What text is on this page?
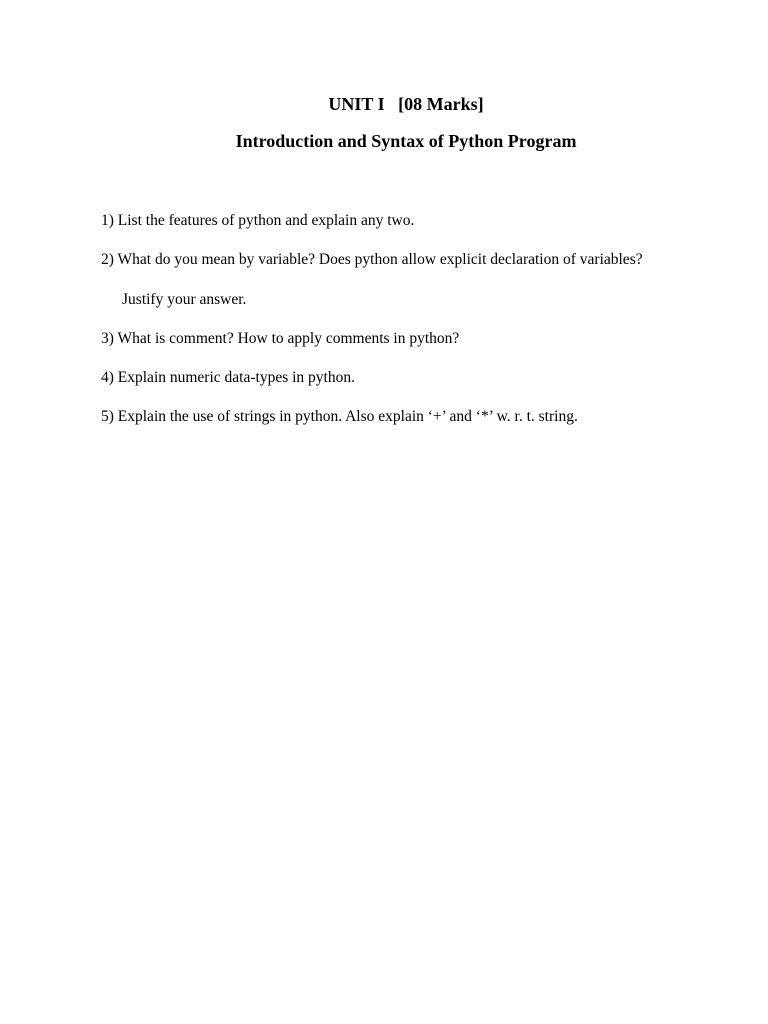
UNIT I   [08 Marks]
Introduction and Syntax of Python Program
1) List the features of python and explain any two.
2) What do you mean by variable? Does python allow explicit declaration of variables?
Justify your answer.
3) What is comment? How to apply comments in python?
4) Explain numeric data-types in python.
5) Explain the use of strings in python. Also explain ‘+’ and ‘*’ w. r. t. string.
